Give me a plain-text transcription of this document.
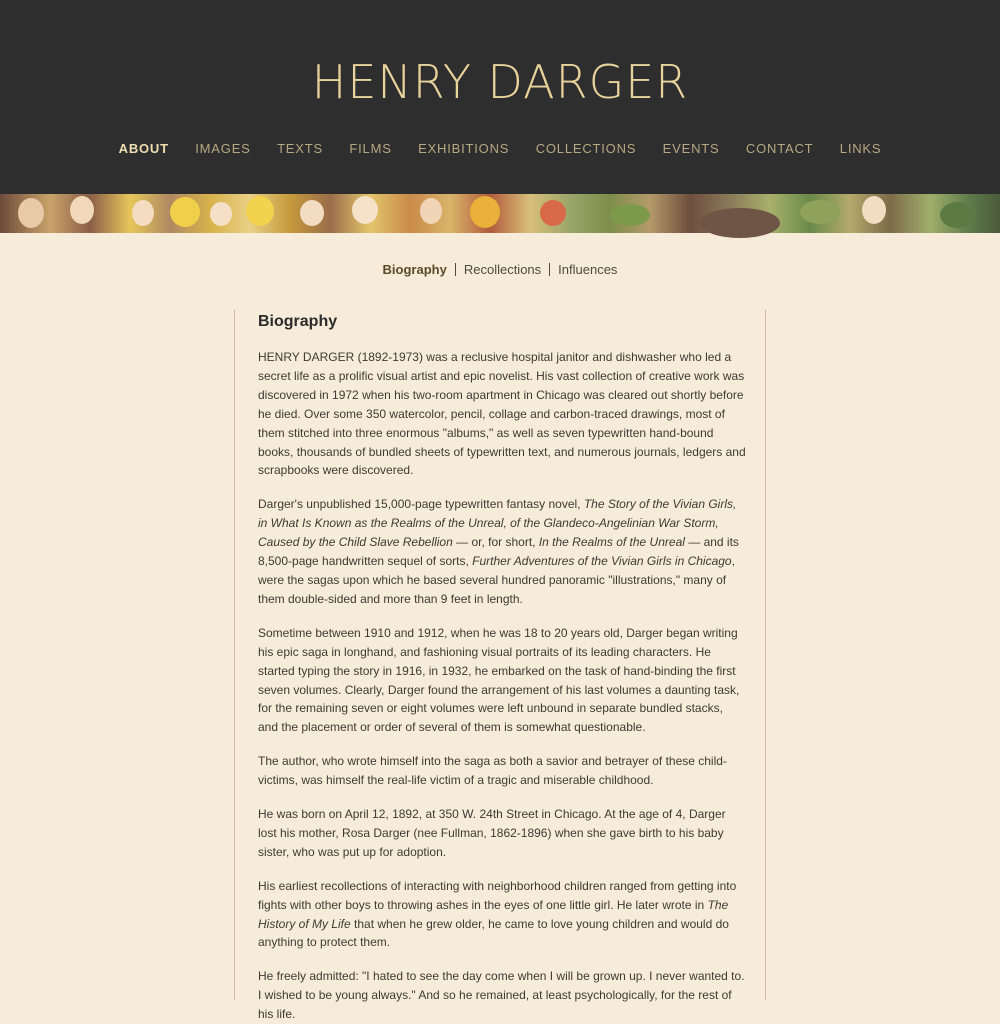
HENRY DARGER
ABOUT IMAGES TEXTS FILMS EXHIBITIONS COLLECTIONS EVENTS CONTACT LINKS
Biography Recollections Influences
Biography

HENRY DARGER (1892-1973) was a reclusive hospital janitor and dishwasher who led a secret life as a prolific visual artist and epic novelist. His vast collection of creative work was discovered in 1972 when his two-room apartment in Chicago was cleared out shortly before he died. Over some 350 watercolor, pencil, collage and carbon-traced drawings, most of them stitched into three enormous "albums," as well as seven typewritten hand-bound books, thousands of bundled sheets of typewritten text, and numerous journals, ledgers and scrapbooks were discovered.

Darger's unpublished 15,000-page typewritten fantasy novel, The Story of the Vivian Girls, in What Is Known as the Realms of the Unreal, of the Glandeco-Angelinian War Storm, Caused by the Child Slave Rebellion — or, for short, In the Realms of the Unreal — and its 8,500-page handwritten sequel of sorts, Further Adventures of the Vivian Girls in Chicago, were the sagas upon which he based several hundred panoramic "illustrations," many of them double-sided and more than 9 feet in length.

Sometime between 1910 and 1912, when he was 18 to 20 years old, Darger began writing his epic saga in longhand, and fashioning visual portraits of its leading characters. He started typing the story in 1916, in 1932, he embarked on the task of hand-binding the first seven volumes. Clearly, Darger found the arrangement of his last volumes a daunting task, for the remaining seven or eight volumes were left unbound in separate bundled stacks, and the placement or order of several of them is somewhat questionable.

The author, who wrote himself into the saga as both a savior and betrayer of these child-victims, was himself the real-life victim of a tragic and miserable childhood.

He was born on April 12, 1892, at 350 W. 24th Street in Chicago. At the age of 4, Darger lost his mother, Rosa Darger (nee Fullman, 1862-1896) when she gave birth to his baby sister, who was put up for adoption.

His earliest recollections of interacting with neighborhood children ranged from getting into fights with other boys to throwing ashes in the eyes of one little girl. He later wrote in The History of My Life that when he grew older, he came to love young children and would do anything to protect them.

He freely admitted: "I hated to see the day come when I will be grown up. I never wanted to. I wished to be young always." And so he remained, at least psychologically, for the rest of his life.
